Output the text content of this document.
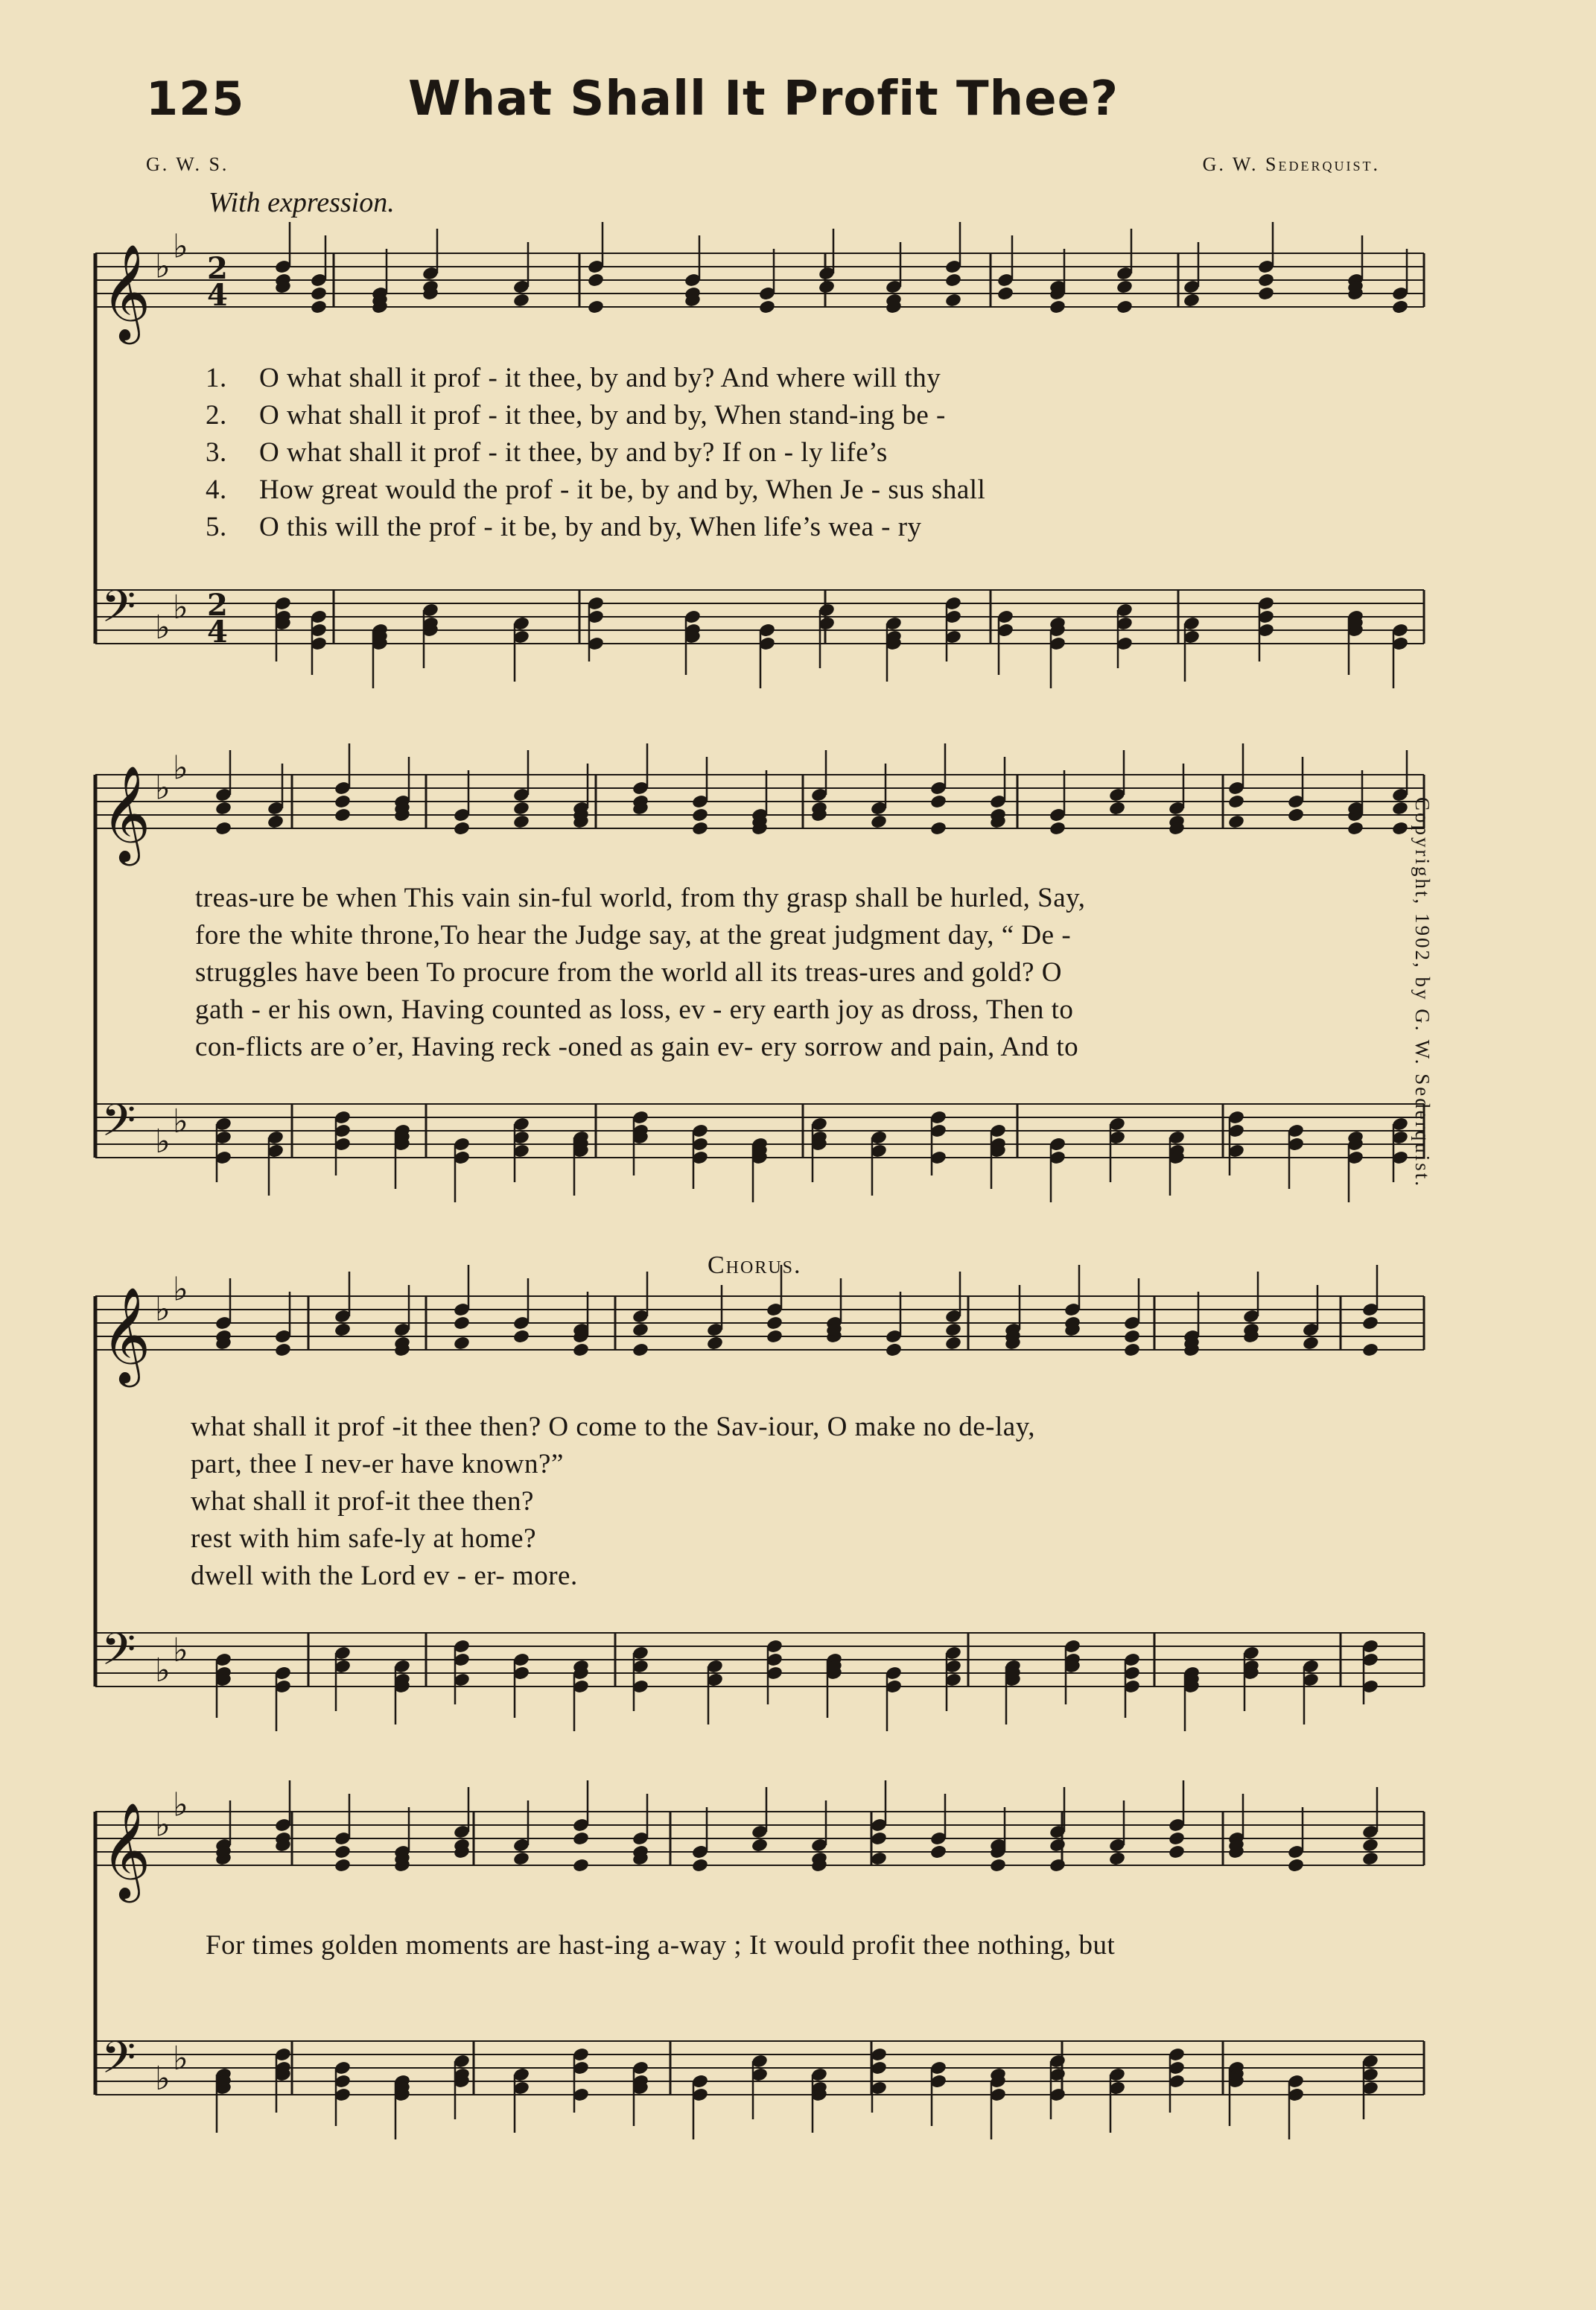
𝄞 ♭
♭
2
4
𝄢 ♭
♭ 2
4
𝄞 ♭
♭
𝄢 ♭
♭
𝄞 ♭
♭
𝄢 ♭
♭
𝄞 ♭
♭
𝄢 ♭
♭
125	What Shall It Profit Thee?
G. W. S.	G. W. Sederquist.
With expression.
1. O what shall it prof - it thee, by and by? And where will thy
2. O what shall it prof - it thee, by and by, When stand-ing be -
3. O what shall it prof - it thee, by and by? If on - ly life’s
4. How great would the prof - it be, by and by, When Je - sus shall
5. O this will the prof - it be, by and by, When life’s wea - ry
treas-ure be when This vain sin-ful world, from thy grasp shall be hurled, Say,
fore the white throne,To hear the Judge say, at the great judgment day, “ De -
struggles have been To procure from the world all its treas-ures and gold? O
gath - er his own, Having counted as loss, ev - ery earth joy as dross, Then to
con-flicts are o’er, Having reck -oned as gain ev- ery sorrow and pain, And to
Chorus.
what shall it prof -it thee then? O come to the Sav-iour, O make no de-lay,
part, thee I nev-er have known?”
what shall it prof-it thee then?
rest with him safe-ly at home?
dwell with the Lord ev - er- more.
For times golden moments are hast-ing a-way ; It would profit thee nothing, but
Copyright, 1902, by G. W. Sederquist.
